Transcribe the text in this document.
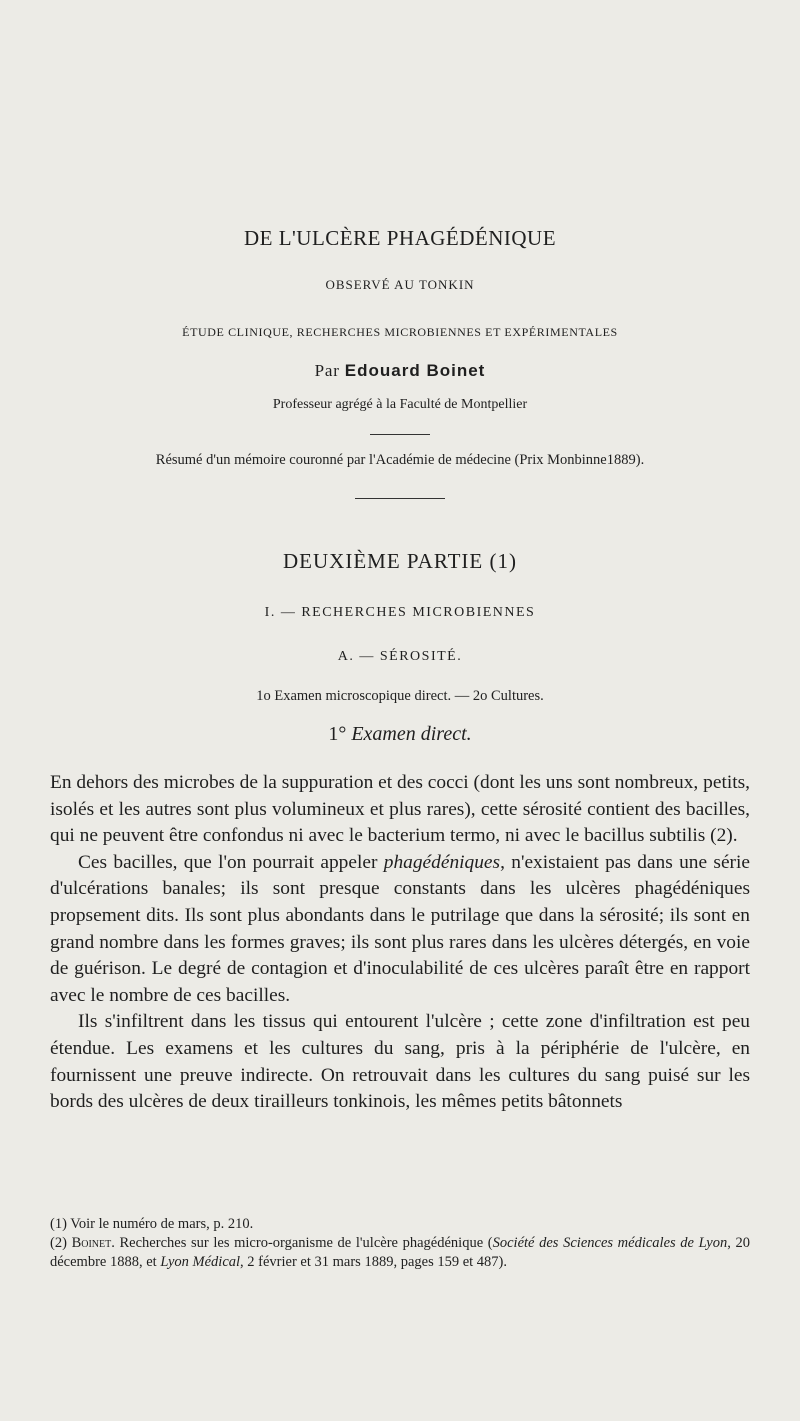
DE L'ULCÈRE PHAGÉDÉNIQUE
OBSERVÉ AU TONKIN
ÉTUDE CLINIQUE, RECHERCHES MICROBIENNES ET EXPÉRIMENTALES
Par Edouard Boinet
Professeur agrégé à la Faculté de Montpellier
Résumé d'un mémoire couronné par l'Académie de médecine (Prix Monbinne1889).
DEUXIÈME PARTIE (1)
I. — RECHERCHES MICROBIENNES
A. — SÉROSITÉ.
1o Examen microscopique direct. — 2o Cultures.
1° Examen direct.

En dehors des microbes de la suppuration et des cocci (dont les uns sont nombreux, petits, isolés et les autres sont plus volumineux et plus rares), cette sérosité contient des bacilles, qui ne peuvent être confondus ni avec le bacterium termo, ni avec le bacillus subtilis (2).

Ces bacilles, que l'on pourrait appeler phagédéniques, n'existaient pas dans une série d'ulcérations banales; ils sont presque constants dans les ulcères phagédéniques propsement dits. Ils sont plus abondants dans le putrilage que dans la sérosité; ils sont en grand nombre dans les formes graves; ils sont plus rares dans les ulcères détergés, en voie de guérison. Le degré de contagion et d'inoculabilité de ces ulcères paraît être en rapport avec le nombre de ces bacilles.

Ils s'infiltrent dans les tissus qui entourent l'ulcère ; cette zone d'infiltration est peu étendue. Les examens et les cultures du sang, pris à la périphérie de l'ulcère, en fournissent une preuve indirecte. On retrouvait dans les cultures du sang puisé sur les bords des ulcères de deux tirailleurs tonkinois, les mêmes petits bâtonnets

(1) Voir le numéro de mars, p. 210.

(2) Boinet. Recherches sur les micro-organisme de l'ulcère phagédénique (Société des Sciences médicales de Lyon, 20 décembre 1888, et Lyon Médical, 2 février et 31 mars 1889, pages 159 et 487).
